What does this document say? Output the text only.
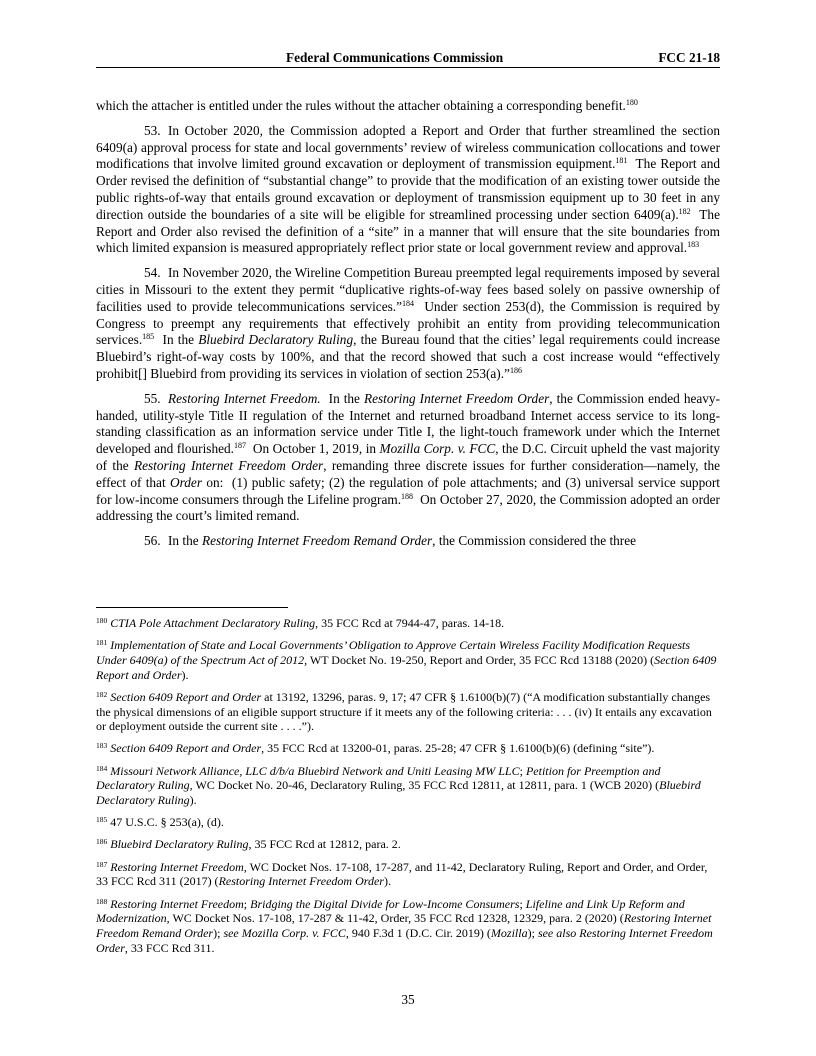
Federal Communications Commission	FCC 21-18

which the attacher is entitled under the rules without the attacher obtaining a corresponding benefit.$^{180}$

53. In October 2020, the Commission adopted a Report and Order that further streamlined the section 6409(a) approval process for state and local governments’ review of wireless communication collocations and tower modifications that involve limited ground excavation or deployment of transmission equipment.$^{181}$  The Report and Order revised the definition of “substantial change” to provide that the modification of an existing tower outside the public rights-of-way that entails ground excavation or deployment of transmission equipment up to 30 feet in any direction outside the boundaries of a site will be eligible for streamlined processing under section 6409(a).$^{182}$  The Report and Order also revised the definition of a “site” in a manner that will ensure that the site boundaries from which limited expansion is measured appropriately reflect prior state or local government review and approval.$^{183}$

54. In November 2020, the Wireline Competition Bureau preempted legal requirements imposed by several cities in Missouri to the extent they permit “duplicative rights-of-way fees based solely on passive ownership of facilities used to provide telecommunications services.”$^{184}$  Under section 253(d), the Commission is required by Congress to preempt any requirements that effectively prohibit an entity from providing telecommunication services.$^{185}$  In the Bluebird Declaratory Ruling, the Bureau found that the cities’ legal requirements could increase Bluebird’s right-of-way costs by 100%, and that the record showed that such a cost increase would “effectively prohibit[] Bluebird from providing its services in violation of section 253(a).”$^{186}$

55. Restoring Internet Freedom.  In the Restoring Internet Freedom Order, the Commission ended heavy-handed, utility-style Title II regulation of the Internet and returned broadband Internet access service to its long-standing classification as an information service under Title I, the light-touch framework under which the Internet developed and flourished.$^{187}$  On October 1, 2019, in Mozilla Corp. v. FCC, the D.C. Circuit upheld the vast majority of the Restoring Internet Freedom Order, remanding three discrete issues for further consideration—namely, the effect of that Order on:  (1) public safety; (2) the regulation of pole attachments; and (3) universal service support for low-income consumers through the Lifeline program.$^{188}$  On October 27, 2020, the Commission adopted an order addressing the court’s limited remand.

56. In the Restoring Internet Freedom Remand Order, the Commission considered the three

$^{180}$ CTIA Pole Attachment Declaratory Ruling, 35 FCC Rcd at 7944-47, paras. 14-18.

$^{181}$ Implementation of State and Local Governments’ Obligation to Approve Certain Wireless Facility Modification Requests Under 6409(a) of the Spectrum Act of 2012, WT Docket No. 19-250, Report and Order, 35 FCC Rcd 13188 (2020) (Section 6409 Report and Order).

$^{182}$ Section 6409 Report and Order at 13192, 13296, paras. 9, 17; 47 CFR § 1.6100(b)(7) (“A modification substantially changes the physical dimensions of an eligible support structure if it meets any of the following criteria: . . . (iv) It entails any excavation or deployment outside the current site . . . .”).

$^{183}$ Section 6409 Report and Order, 35 FCC Rcd at 13200-01, paras. 25-28; 47 CFR § 1.6100(b)(6) (defining “site”).

$^{184}$ Missouri Network Alliance, LLC d/b/a Bluebird Network and Uniti Leasing MW LLC; Petition for Preemption and Declaratory Ruling, WC Docket No. 20-46, Declaratory Ruling, 35 FCC Rcd 12811, at 12811, para. 1 (WCB 2020) (Bluebird Declaratory Ruling).

$^{185}$ 47 U.S.C. § 253(a), (d).

$^{186}$ Bluebird Declaratory Ruling, 35 FCC Rcd at 12812, para. 2.

$^{187}$ Restoring Internet Freedom, WC Docket Nos. 17-108, 17-287, and 11-42, Declaratory Ruling, Report and Order, and Order, 33 FCC Rcd 311 (2017) (Restoring Internet Freedom Order).

$^{188}$ Restoring Internet Freedom; Bridging the Digital Divide for Low-Income Consumers; Lifeline and Link Up Reform and Modernization, WC Docket Nos. 17-108, 17-287 & 11-42, Order, 35 FCC Rcd 12328, 12329, para. 2 (2020) (Restoring Internet Freedom Remand Order); see Mozilla Corp. v. FCC, 940 F.3d 1 (D.C. Cir. 2019) (Mozilla); see also Restoring Internet Freedom Order, 33 FCC Rcd 311.

35
